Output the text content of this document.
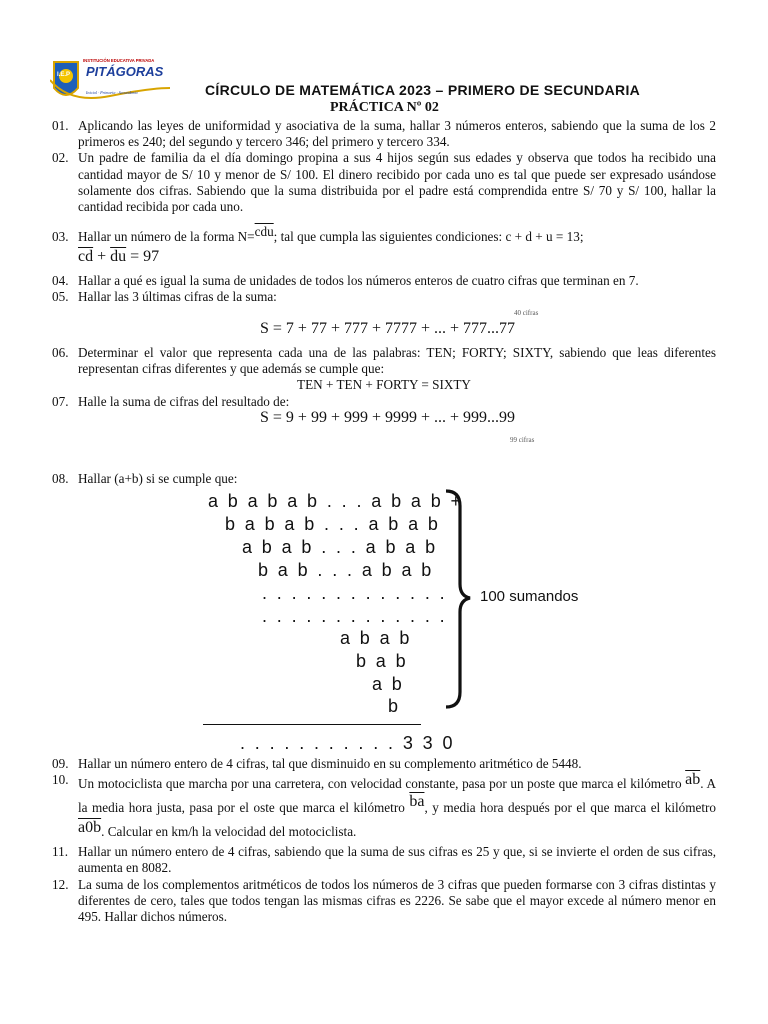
I.E.P
INSTITUCIÓN EDUCATIVA PRIVADA
PITÁGORAS
Inicial · Primaria · Secundaria	CÍRCULO DE MATEMÁTICA 2023 – PRIMERO DE SECUNDARIA
PRÁCTICA Nº 02
01. Aplicando las leyes de uniformidad y asociativa de la suma, hallar 3 números enteros, sabiendo que la suma de los 2 primeros es 240; del segundo y tercero 346; del primero y tercero 334.
02. Un padre de familia da el día domingo propina a sus 4 hijos según sus edades y observa que todos ha recibido una cantidad mayor de S/ 10 y menor de S/ 100. El dinero recibido por cada uno es tal que puede ser expresado usándose solamente dos cifras. Sabiendo que la suma distribuida por el padre está comprendida entre S/ 70 y S/ 100, hallar la cantidad recibida por cada uno.
03. Hallar un número de la forma $N=\overline{cdu}$; tal que cumpla las siguientes condiciones: c + d + u = 13;
$\overline{cd} + \overline{du} = 97$
04. Hallar a qué es igual la suma de unidades de todos los números enteros de cuatro cifras que terminan en 7.
05. Hallar las 3 últimas cifras de la suma:
40 cifras
S = 7 + 77 + 777 + 7777 + ... + 777...77
06. Determinar el valor que representa cada una de las palabras: TEN; FORTY; SIXTY, sabiendo que leas diferentes representan cifras diferentes y que además se cumple que:
TEN + TEN + FORTY = SIXTY
07. Halle la suma de cifras del resultado de:
S = 9 + 99 + 999 + 9999 + ... + 999...99
99 cifras
08. Hallar (a+b) si se cumple que:
a b a b a b . . . a b a b +
b a b a b . . . a b a b
a b a b . . . a b a b
b a b . . . a b a b
. . . . . . . . . . . . .
. . . . . . . . . . . . .
a b a b
b a b
a b
b
100 sumandos
. . . . . . . . . . . 3 3 0
09. Hallar un número entero de 4 cifras, tal que disminuido en su complemento aritmético de 5448.
10. Un motociclista que marcha por una carretera, con velocidad constante, pasa por un poste que marca el kilómetro $\overline{ab}$. A la media hora justa, pasa por el oste que marca el kilómetro $\overline{ba}$, y media hora después por el que marca el kilómetro a0b. Calcular en km/h la velocidad del motociclista.
11. Hallar un número entero de 4 cifras, sabiendo que la suma de sus cifras es 25 y que, si se invierte el orden de sus cifras, aumenta en 8082.
12. La suma de los complementos aritméticos de todos los números de 3 cifras que pueden formarse con 3 cifras distintas y diferentes de cero, tales que todos tengan las mismas cifras es 2226. Se sabe que el mayor excede al número menor en 495. Hallar dichos números.
